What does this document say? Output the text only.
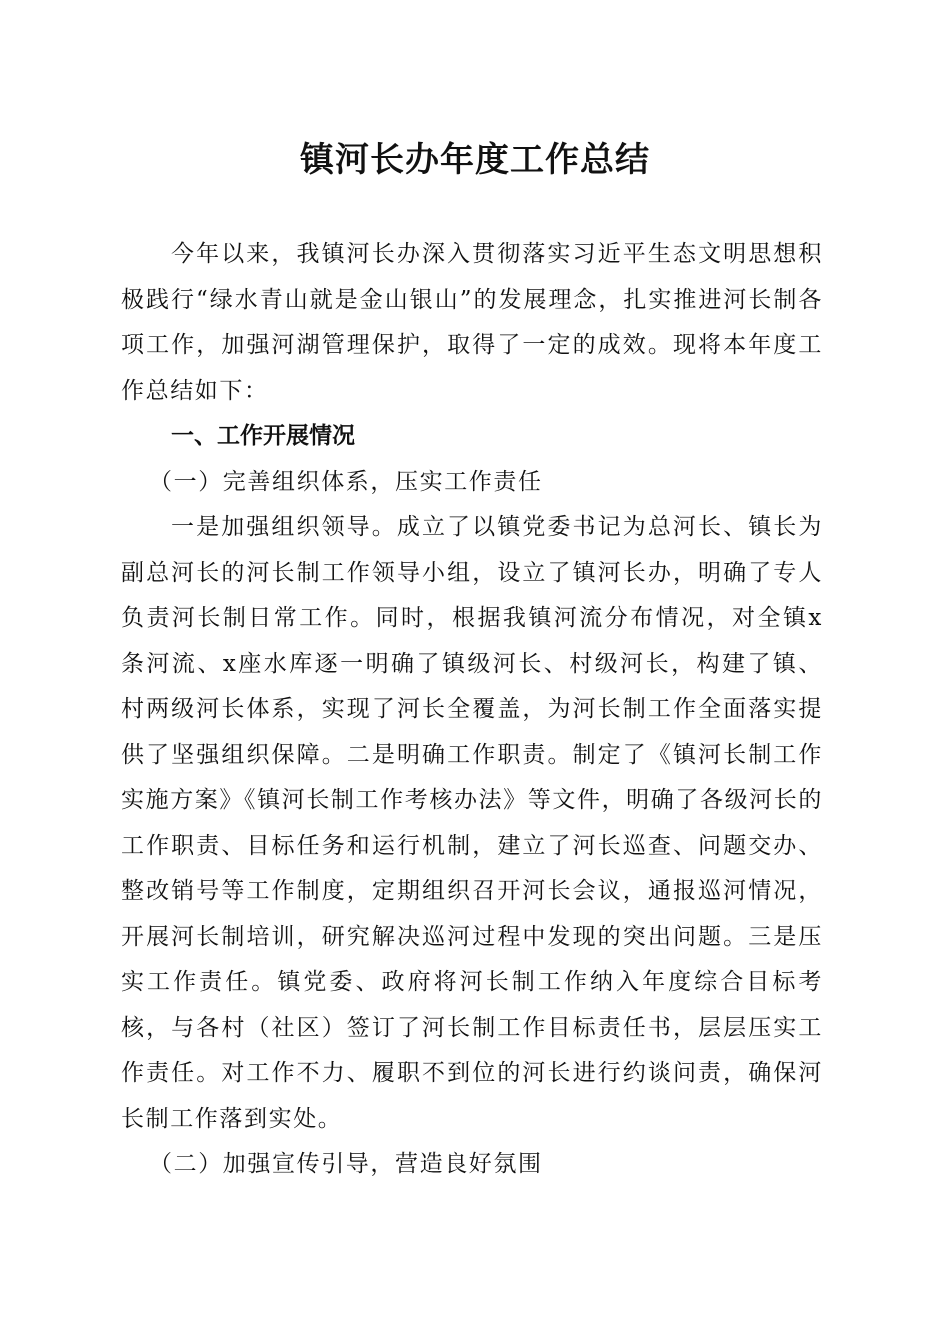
镇河长办年度工作总结

今年以来，我镇河长办深入贯彻落实习近平生态文明思想积极践行“绿水青山就是金山银山”的发展理念，扎实推进河长制各项工作，加强河湖管理保护，取得了一定的成效。现将本年度工作总结如下：

一、工作开展情况

（一）完善组织体系，压实工作责任

一是加强组织领导。成立了以镇党委书记为总河长、镇长为副总河长的河长制工作领导小组，设立了镇河长办，明确了专人负责河长制日常工作。同时，根据我镇河流分布情况，对全镇x条河流、x座水库逐一明确了镇级河长、村级河长，构建了镇、村两级河长体系，实现了河长全覆盖，为河长制工作全面落实提供了坚强组织保障。二是明确工作职责。制定了《镇河长制工作实施方案》《镇河长制工作考核办法》等文件，明确了各级河长的工作职责、目标任务和运行机制，建立了河长巡查、问题交办、整改销号等工作制度，定期组织召开河长会议，通报巡河情况，开展河长制培训，研究解决巡河过程中发现的突出问题。三是压实工作责任。镇党委、政府将河长制工作纳入年度综合目标考核，与各村（社区）签订了河长制工作目标责任书，层层压实工作责任。对工作不力、履职不到位的河长进行约谈问责，确保河长制工作落到实处。

（二）加强宣传引导，营造良好氛围
